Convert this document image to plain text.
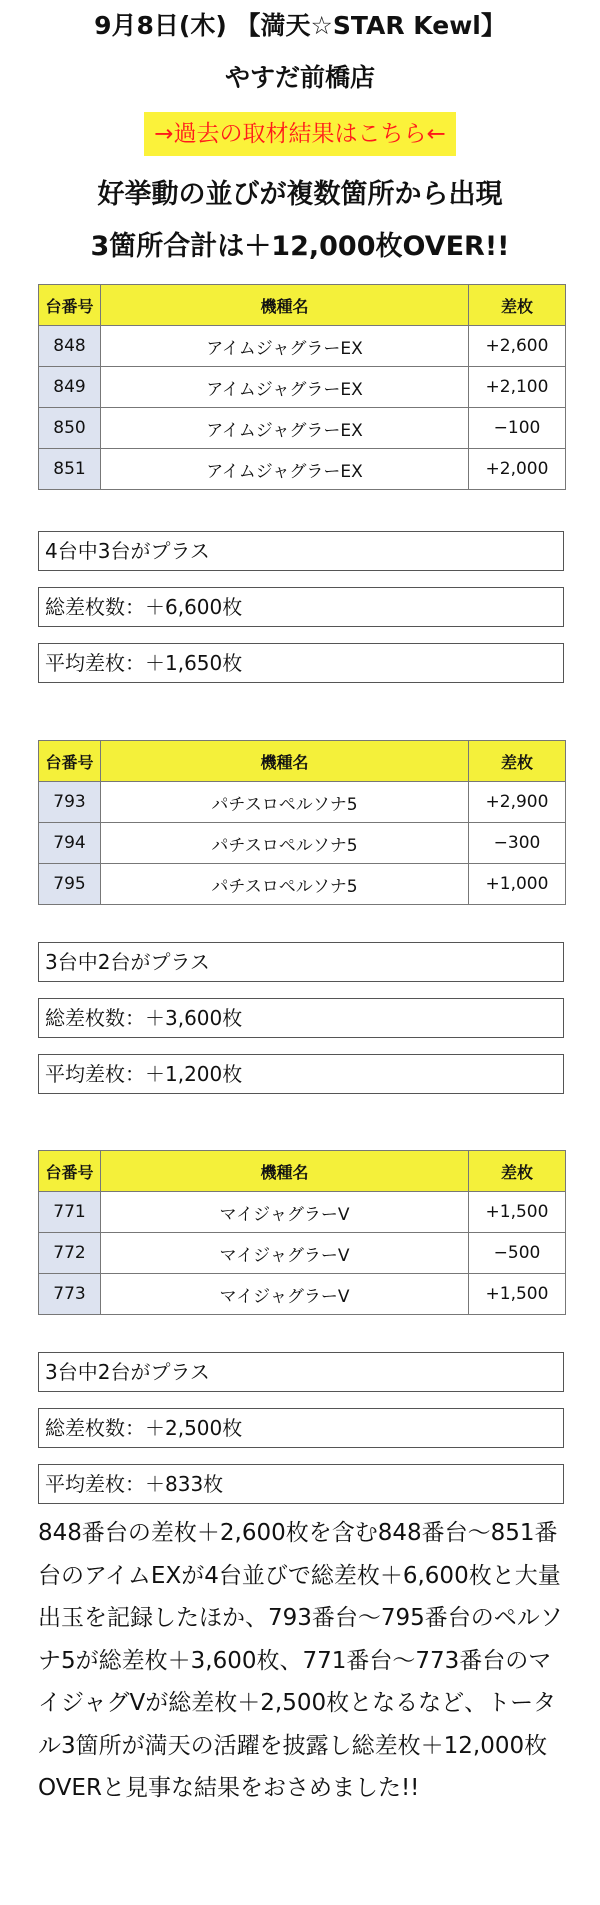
9月8日(木) 【満天☆STAR Kewl】
やすだ前橋店
→過去の取材結果はこちら←
好挙動の並びが複数箇所から出現
3箇所合計は＋12,000枚OVER!!
台番号	機種名	差枚
848	アイムジャグラーEX	+2,600
849	アイムジャグラーEX	+2,100
850	アイムジャグラーEX	−100
851	アイムジャグラーEX	+2,000
4台中3台がプラス
総差枚数：＋6,600枚
平均差枚：＋1,650枚
台番号	機種名	差枚
793	パチスロペルソナ5	+2,900
794	パチスロペルソナ5	−300
795	パチスロペルソナ5	+1,000
3台中2台がプラス
総差枚数：＋3,600枚
平均差枚：＋1,200枚
台番号	機種名	差枚
771	マイジャグラーV	+1,500
772	マイジャグラーV	−500
773	マイジャグラーV	+1,500
3台中2台がプラス
総差枚数：＋2,500枚
平均差枚：＋833枚
848番台の差枚＋2,600枚を含む848番台〜851番台のアイムEXが4台並びで総差枚＋6,600枚と大量出玉を記録したほか、793番台〜795番台のペルソナ5が総差枚＋3,600枚、771番台〜773番台のマイジャグVが総差枚＋2,500枚となるなど、トータル3箇所が満天の活躍を披露し総差枚＋12,000枚OVERと見事な結果をおさめました!!
